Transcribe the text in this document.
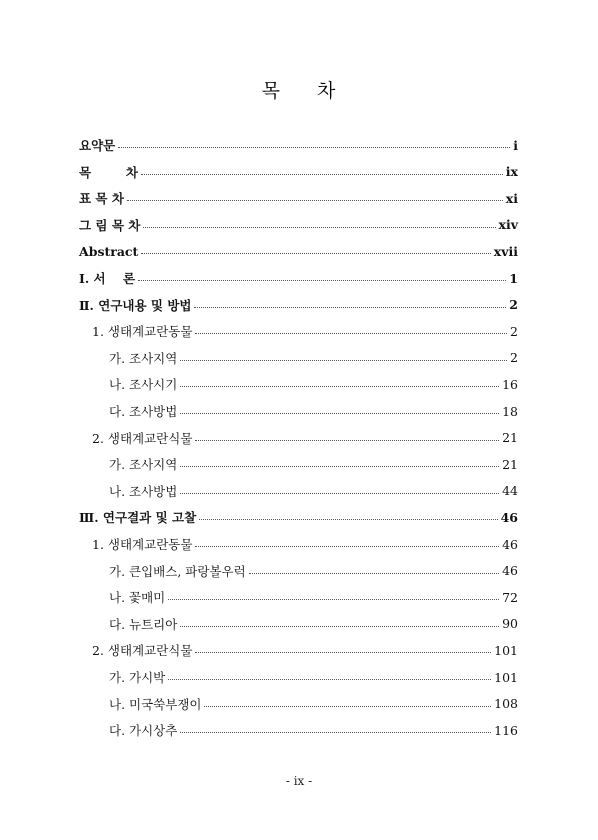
목 차
요약문	i
목        차	ix
표 목 차	xi
그 림 목 차	xiv
Abstract	xvii
Ⅰ. 서    론	1
Ⅱ. 연구내용 및 방법	2
1. 생태계교란동물	2
가. 조사지역	2
나. 조사시기	16
다. 조사방법	18
2. 생태계교란식물	21
가. 조사지역	21
나. 조사방법	44
Ⅲ. 연구결과 및 고찰	46
1. 생태계교란동물	46
가. 큰입배스, 파랑볼우럭	46
나. 꽃매미	72
다. 뉴트리아	90
2. 생태계교란식물	101
가. 가시박	101
나. 미국쑥부쟁이	108
다. 가시상추	116
- ix -
